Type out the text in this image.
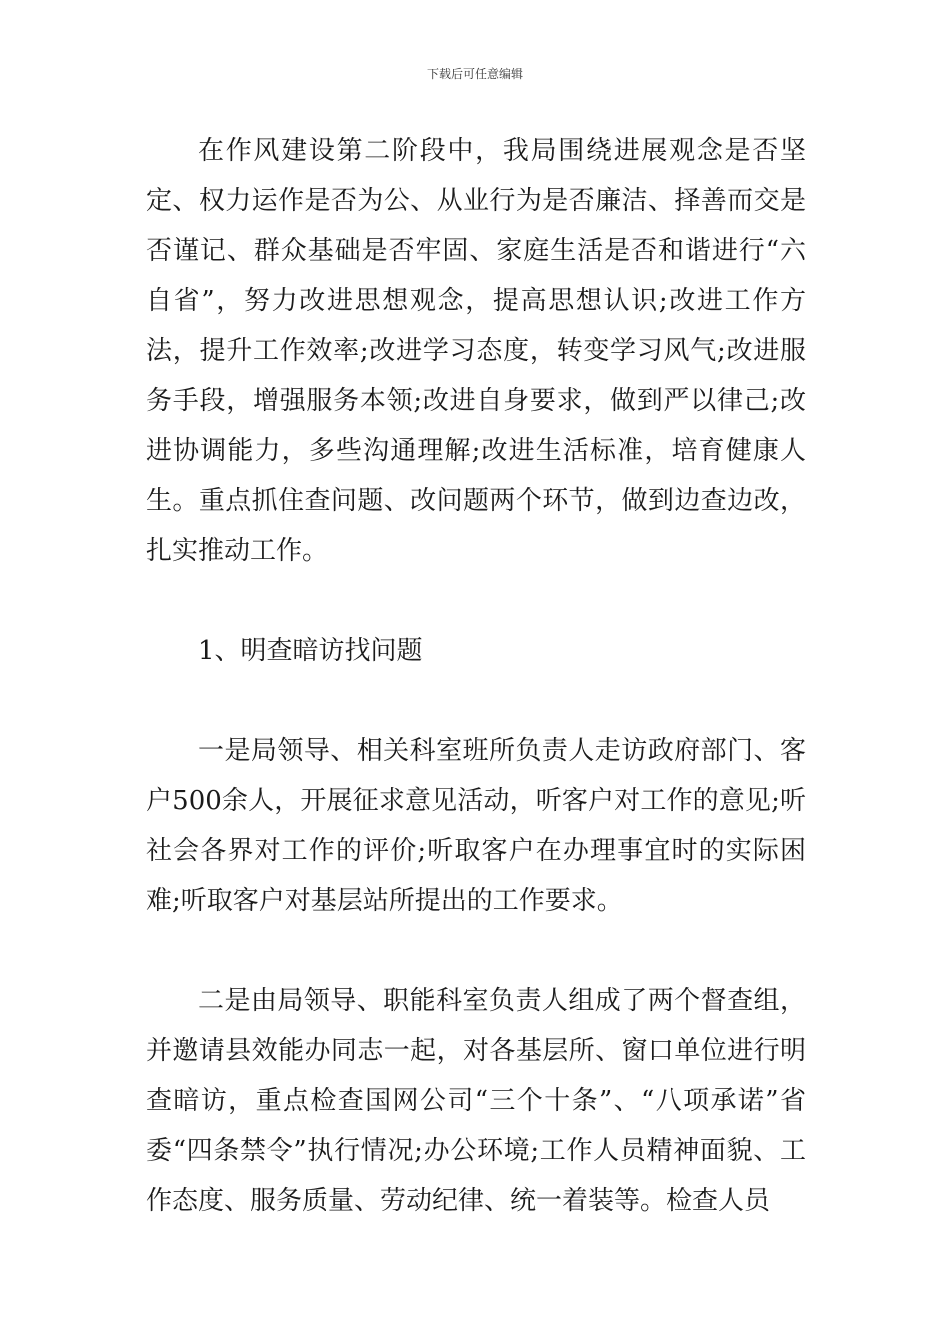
下载后可任意编辑

在作风建设第二阶段中，我局围绕进展观念是否坚定、权力运作是否为公、从业行为是否廉洁、择善而交是否谨记、群众基础是否牢固、家庭生活是否和谐进行“六自省”，努力改进思想观念，提高思想认识;改进工作方法，提升工作效率;改进学习态度，转变学习风气;改进服务手段，增强服务本领;改进自身要求，做到严以律己;改进协调能力，多些沟通理解;改进生活标准，培育健康人生。重点抓住查问题、改问题两个环节，做到边查边改，扎实推动工作。

1、明查暗访找问题

一是局领导、相关科室班所负责人走访政府部门、客户500余人，开展征求意见活动，听客户对工作的意见;听社会各界对工作的评价;听取客户在办理事宜时的实际困难;听取客户对基层站所提出的工作要求。

二是由局领导、职能科室负责人组成了两个督查组，并邀请县效能办同志一起，对各基层所、窗口单位进行明查暗访，重点检查国网公司“三个十条”、“八项承诺”省委“四条禁令”执行情况;办公环境;工作人员精神面貌、工作态度、服务质量、劳动纪律、统一着装等。检查人员
